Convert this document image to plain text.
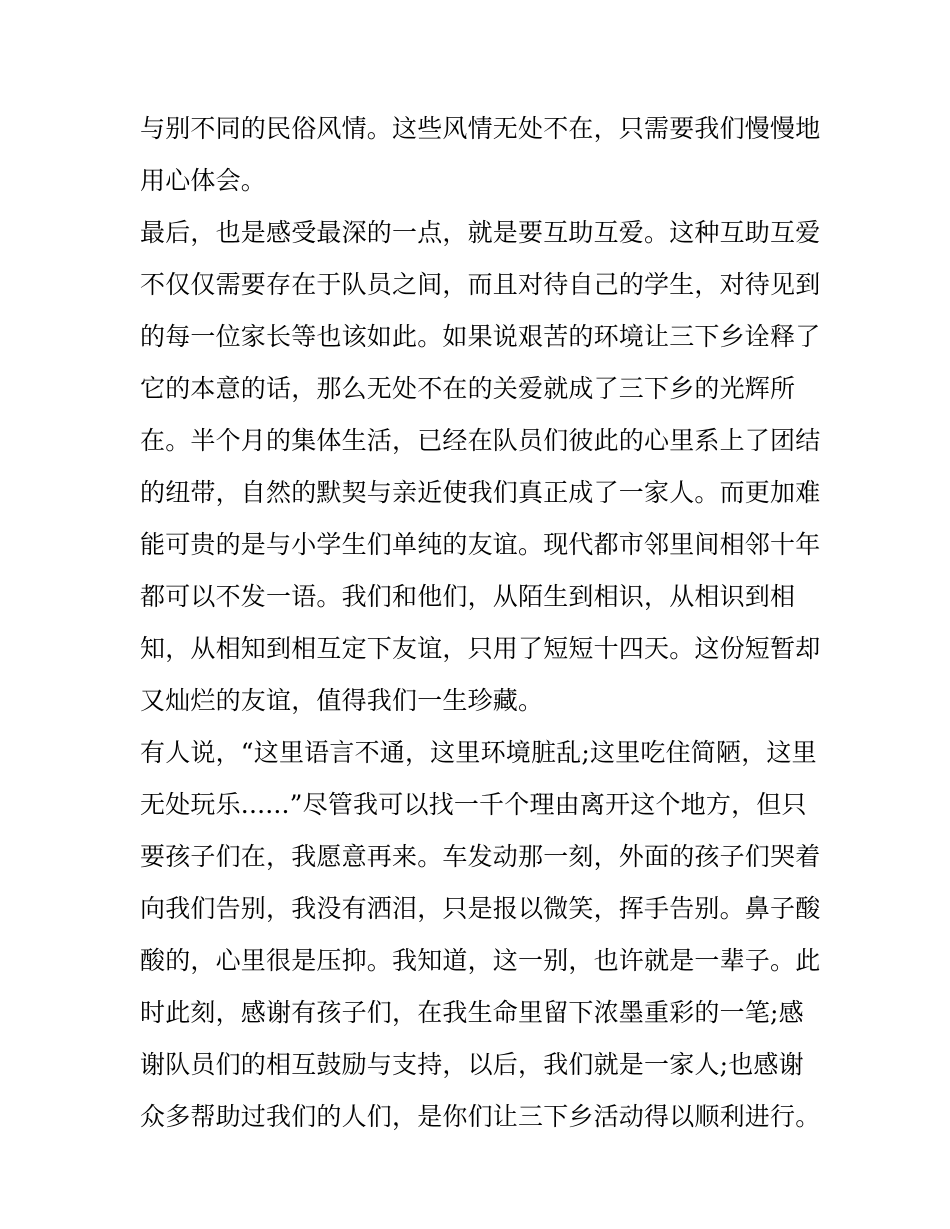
与别不同的民俗风情。这些风情无处不在，只需要我们慢慢地
用心体会。
最后，也是感受最深的一点，就是要互助互爱。这种互助互爱
不仅仅需要存在于队员之间，而且对待自己的学生，对待见到
的每一位家长等也该如此。如果说艰苦的环境让三下乡诠释了
它的本意的话，那么无处不在的关爱就成了三下乡的光辉所
在。半个月的集体生活，已经在队员们彼此的心里系上了团结
的纽带，自然的默契与亲近使我们真正成了一家人。而更加难
能可贵的是与小学生们单纯的友谊。现代都市邻里间相邻十年
都可以不发一语。我们和他们，从陌生到相识，从相识到相
知，从相知到相互定下友谊，只用了短短十四天。这份短暂却
又灿烂的友谊，值得我们一生珍藏。
有人说，“这里语言不通，这里环境脏乱;这里吃住简陋，这里
无处玩乐......”尽管我可以找一千个理由离开这个地方，但只
要孩子们在，我愿意再来。车发动那一刻，外面的孩子们哭着
向我们告别，我没有洒泪，只是报以微笑，挥手告别。鼻子酸
酸的，心里很是压抑。我知道，这一别，也许就是一辈子。此
时此刻，感谢有孩子们，在我生命里留下浓墨重彩的一笔;感
谢队员们的相互鼓励与支持，以后，我们就是一家人;也感谢
众多帮助过我们的人们，是你们让三下乡活动得以顺利进行。
